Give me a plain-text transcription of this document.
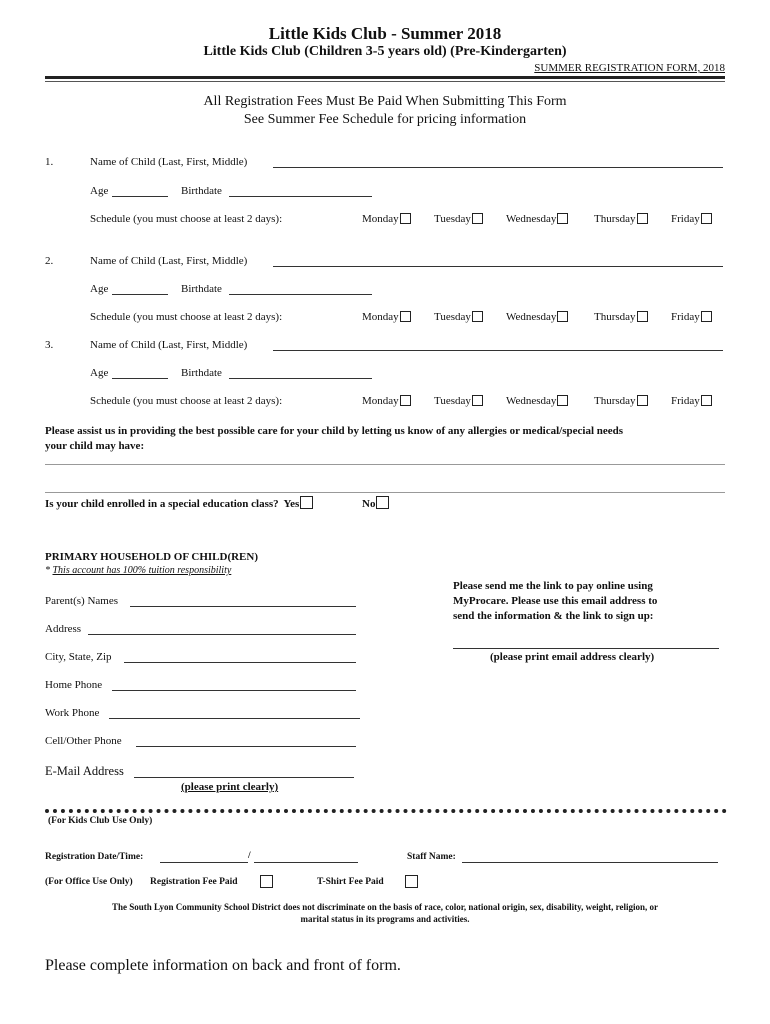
Little Kids Club - Summer 2018
Little Kids Club (Children 3-5 years old) (Pre-Kindergarten)
SUMMER REGISTRATION FORM, 2018
All Registration Fees Must Be Paid When Submitting This Form
See Summer Fee Schedule for pricing information
1.	Name of Child (Last, First, Middle)
Age	Birthdate
Schedule (you must choose at least 2 days):	Monday	Tuesday	Wednesday	Thursday	Friday
2.	Name of Child (Last, First, Middle)
Age	Birthdate
Schedule (you must choose at least 2 days):	Monday	Tuesday	Wednesday	Thursday	Friday
3.	Name of Child (Last, First, Middle)
Age	Birthdate
Schedule (you must choose at least 2 days):	Monday	Tuesday	Wednesday	Thursday	Friday
Please assist us in providing the best possible care for your child by letting us know of any allergies or medical/special needs
your child may have:
Is your child enrolled in a special education class? Yes	No
PRIMARY HOUSEHOLD OF CHILD(REN)
* This account has 100% tuition responsibility
Parent(s) Names
Address
City, State, Zip
Home Phone
Work Phone
Cell/Other Phone
E-Mail Address
(please print clearly)
Please send me the link to pay online using
MyProcare. Please use this email address to
send the information & the link to sign up:
(please print email address clearly)
(For Kids Club Use Only)
Registration Date/Time:	/	Staff Name:
(For Office Use Only) Registration Fee Paid	T-Shirt Fee Paid
The South Lyon Community School District does not discriminate on the basis of race, color, national origin, sex, disability, weight, religion, or
marital status in its programs and activities.
Please complete information on back and front of form.
